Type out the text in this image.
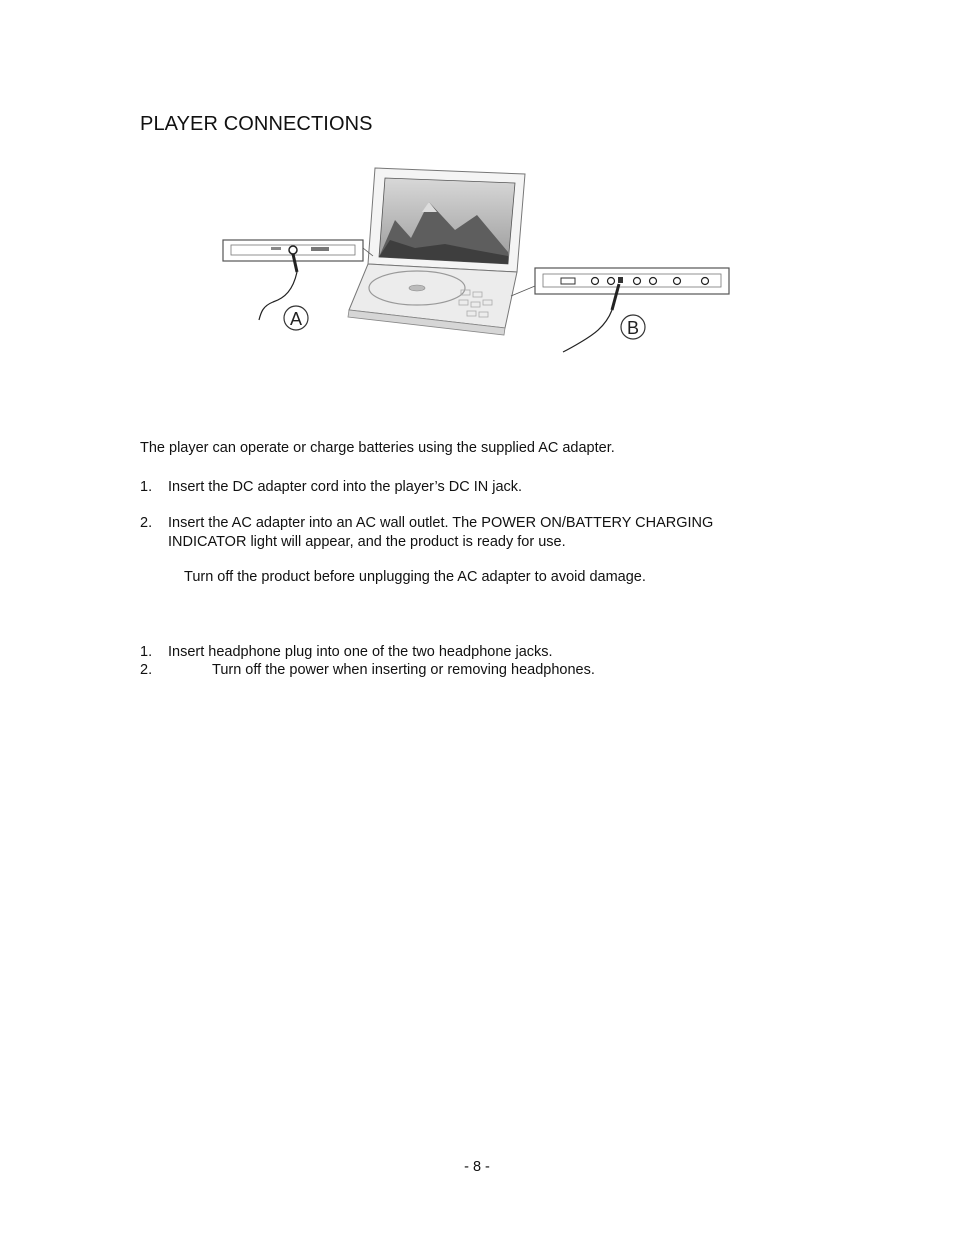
PLAYER CONNECTIONS
A	B
The player can operate or charge batteries using the supplied AC adapter.
1.	Insert the DC adapter cord into the player’s DC IN jack.
2.	Insert the AC adapter into an AC wall outlet. The POWER ON/BATTERY CHARGING
INDICATOR light will appear, and the product is ready for use.
Turn off the product before unplugging the AC adapter to avoid damage.
1.	Insert headphone plug into one of the two headphone jacks.
2.	Turn off the power when inserting or removing headphones.
- 8 -
